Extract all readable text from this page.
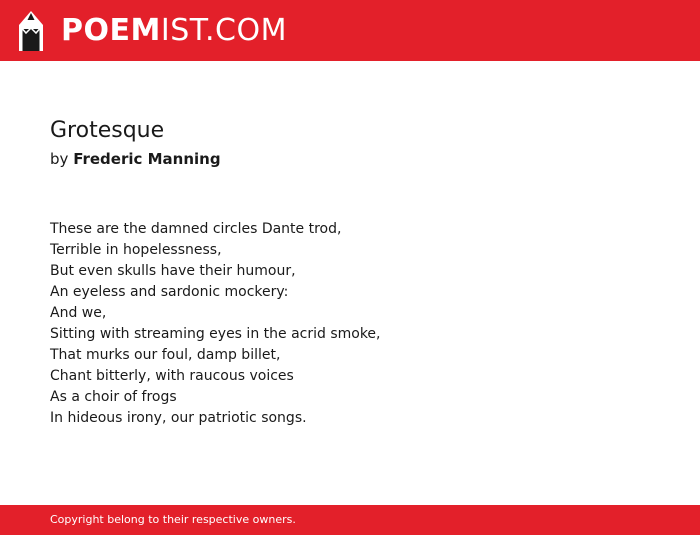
POEMIST.COM
Grotesque
by Frederic Manning
These are the damned circles Dante trod,
Terrible in hopelessness,
But even skulls have their humour,
An eyeless and sardonic mockery:
And we,
Sitting with streaming eyes in the acrid smoke,
That murks our foul, damp billet,
Chant bitterly, with raucous voices
As a choir of frogs
In hideous irony, our patriotic songs.
Copyright belong to their respective owners.
